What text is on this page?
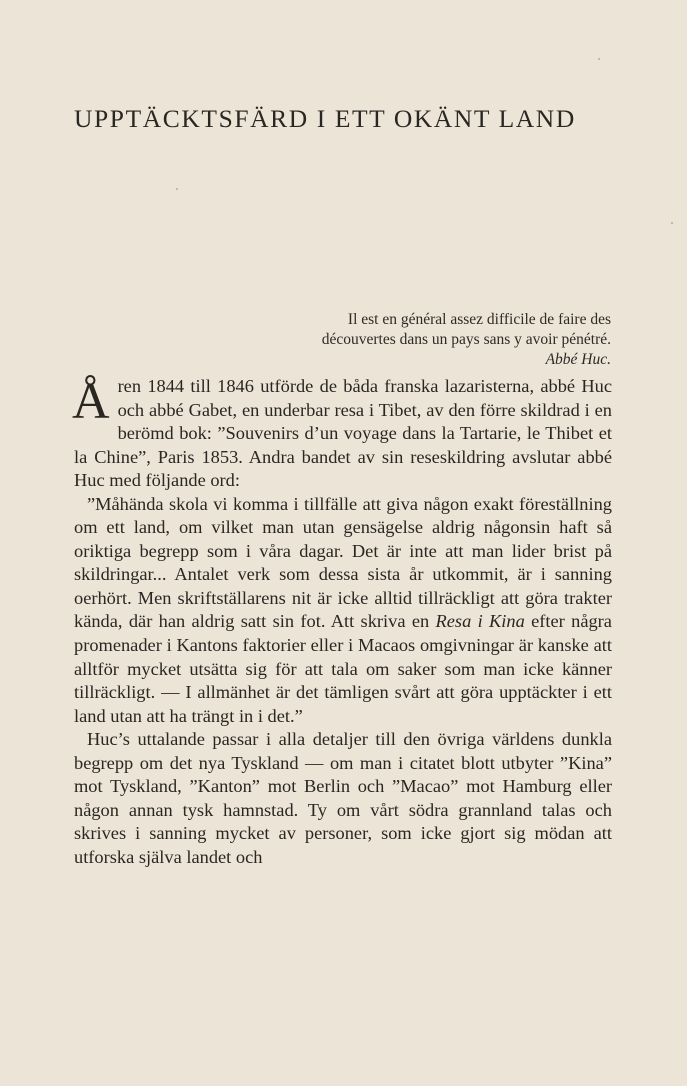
UPPTÄCKTSFÄRD I ETT OKÄNT LAND
Il est en général assez difficile de faire des
découvertes dans un pays sans y avoir pénétré.
Abbé Huc.

Åren 1844 till 1846 utförde de båda franska lazaristerna, abbé Huc och abbé Gabet, en underbar resa i Tibet, av den förre skildrad i en berömd bok: ”Souvenirs d’un voyage dans la Tartarie, le Thibet et la Chine”, Paris 1853. Andra bandet av sin reseskildring avslutar abbé Huc med följande ord:

”Måhända skola vi komma i tillfälle att giva någon exakt föreställning om ett land, om vilket man utan gensägelse aldrig någonsin haft så oriktiga begrepp som i våra dagar. Det är inte att man lider brist på skildringar... Antalet verk som dessa sista år utkommit, är i sanning oerhört. Men skriftställarens nit är icke alltid tillräckligt att göra trakter kända, där han aldrig satt sin fot. Att skriva en Resa i Kina efter några promenader i Kantons faktorier eller i Macaos omgivningar är kanske att alltför mycket utsätta sig för att tala om saker som man icke känner tillräckligt. — I allmänhet är det tämligen svårt att göra upptäckter i ett land utan att ha trängt in i det.”

Huc’s uttalande passar i alla detaljer till den övriga världens dunkla begrepp om det nya Tyskland — om man i citatet blott utbyter ”Kina” mot Tyskland, ”Kanton” mot Berlin och ”Macao” mot Hamburg eller någon annan tysk hamnstad. Ty om vårt södra grannland talas och skrives i sanning mycket av personer, som icke gjort sig mödan att utforska själva landet och
